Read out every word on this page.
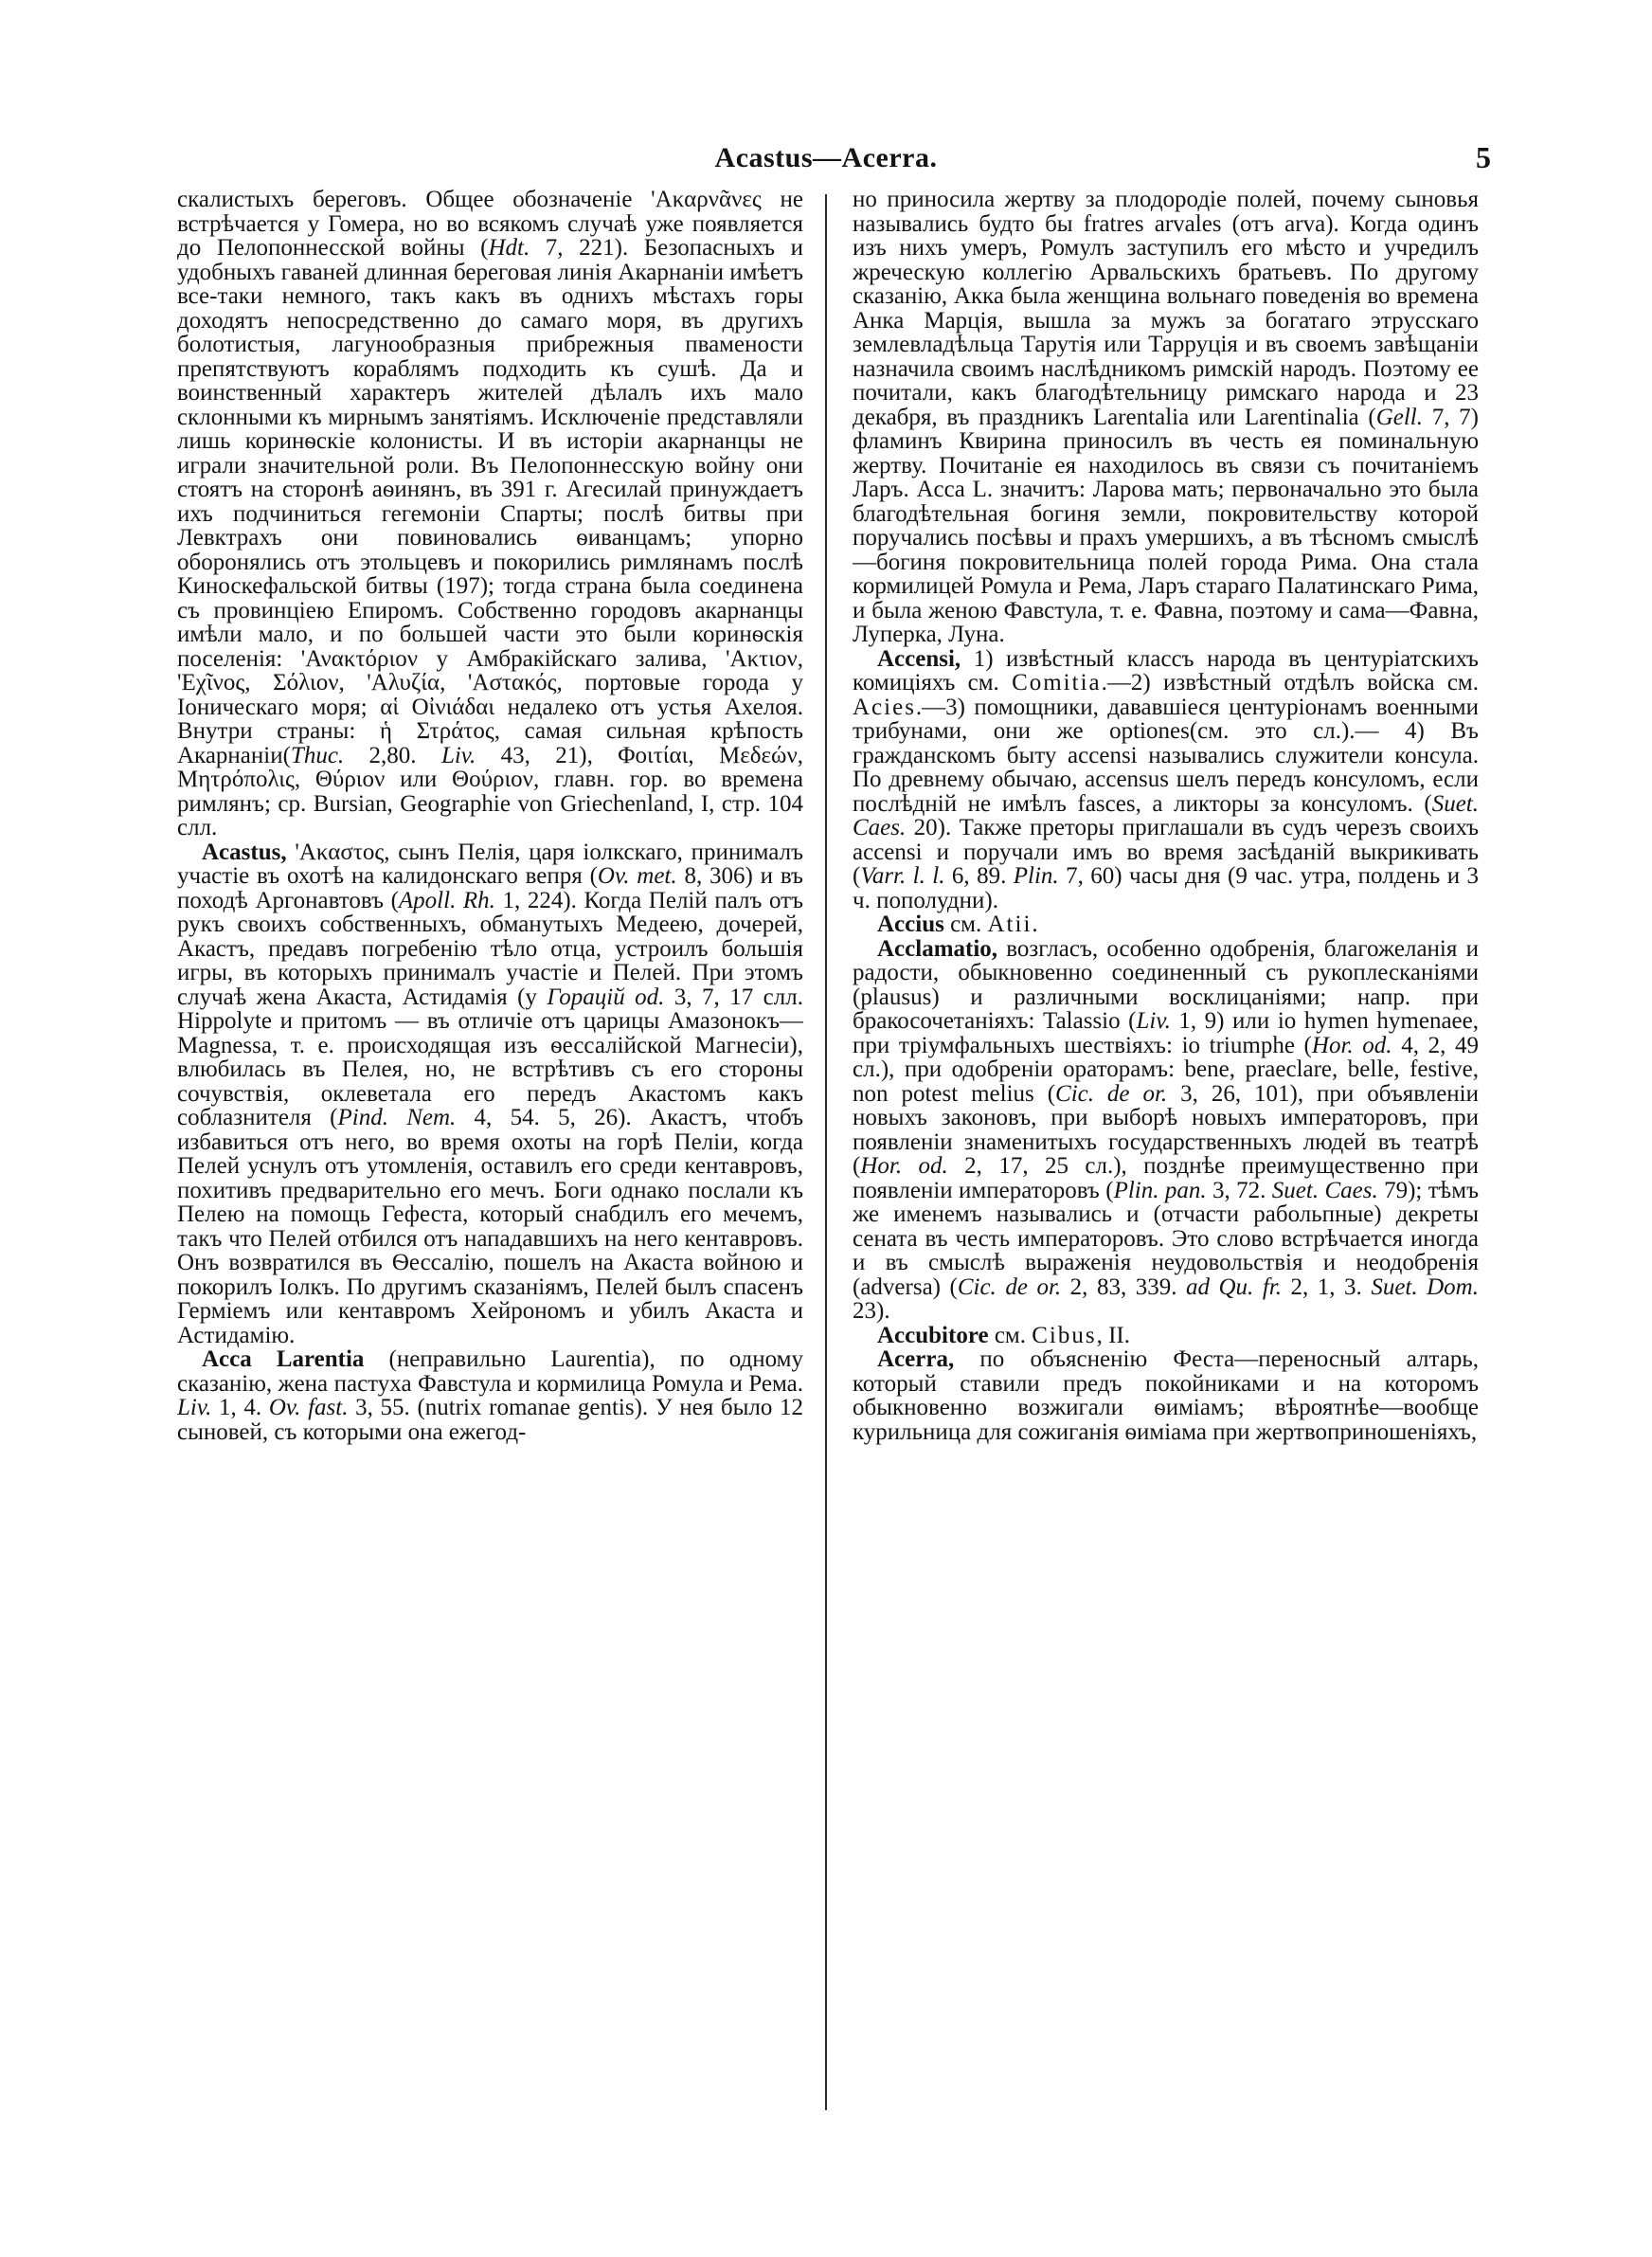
Acastus—Acerra.	5

скалистыхъ береговъ. Общее обозначеніе 'Ακαρνᾶνες не встрѣчается у Гомера, но во всякомъ случаѣ уже появляется до Пелопоннесской войны (Hdt. 7, 221). Безопасныхъ и удобныхъ гаваней длинная береговая линія Акарнаніи имѣетъ все-таки немного, такъ какъ въ однихъ мѣстахъ горы доходятъ непосредственно до самаго моря, въ другихъ болотистыя, лагунообразныя прибрежныя пвамености препятствуютъ кораблямъ подходить къ сушѣ. Да и воинственный характеръ жителей дѣлалъ ихъ мало склонными къ мирнымъ занятіямъ. Исключеніе представляли лишь коринѳскіе колонисты. И въ исторіи акарнанцы не играли значительной роли. Въ Пелопоннесскую войну они стоятъ на сторонѣ аѳинянъ, въ 391 г. Агесилай принуждаетъ ихъ подчиниться гегемоніи Спарты; послѣ битвы при Левктрахъ они повиновались ѳиванцамъ; упорно оборонялись отъ этольцевъ и покорились римлянамъ послѣ Киноскефальской битвы (197); тогда страна была соединена съ провинціею Епиромъ. Собственно городовъ акарнанцы имѣли мало, и по большей части это были коринѳскія поселенія: 'Ανακτόριον у Амбракійскаго залива, 'Ακτιον, 'Εχῖνος, Σόλιον, 'Αλυζία, 'Αστακός, портовые города у Іоническаго моря; αἱ Οἰνιάδαι недалеко отъ устья Ахелоя. Внутри страны: ἡ Στράτος, самая сильная крѣпость Акарнаніи(Thuc. 2,80. Liv. 43, 21), Φοιτίαι, Μεδεών, Μητρόπολις, Θύριον или Θούριον, главн. гор. во времена римлянъ; ср. Bursian, Geographie von Griechenland, I, стр. 104 слл.

Acastus, 'Ακαστος, сынъ Пелія, царя іолкскаго, принималъ участіе въ охотѣ на калидонскаго вепря (Ov. met. 8, 306) и въ походѣ Аргонавтовъ (Apoll. Rh. 1, 224). Когда Пелій палъ отъ рукъ своихъ собственныхъ, обманутыхъ Медеею, дочерей, Акастъ, предавъ погребенію тѣло отца, устроилъ большія игры, въ которыхъ принималъ участіе и Пелей. При этомъ случаѣ жена Акаста, Астидамія (у Горацій od. 3, 7, 17 слл. Hippolyte и притомъ — въ отличіе отъ царицы Амазонокъ—Magnessa, т. е. происходящая изъ ѳессалійской Магнесіи), влюбилась въ Пелея, но, не встрѣтивъ съ его стороны сочувствія, оклеветала его передъ Акастомъ какъ соблазнителя (Pind. Nem. 4, 54. 5, 26). Акастъ, чтобъ избавиться отъ него, во время охоты на горѣ Пеліи, когда Пелей уснулъ отъ утомленія, оставилъ его среди кентавровъ, похитивъ предварительно его мечъ. Боги однако послали къ Пелею на помощь Гефеста, который снабдилъ его мечемъ, такъ что Пелей отбился отъ нападавшихъ на него кентавровъ. Онъ возвратился въ Ѳессалію, пошелъ на Акаста войною и покорилъ Іолкъ. По другимъ сказаніямъ, Пелей былъ спасенъ Гермiемъ или кентавромъ Хейрономъ и убилъ Акаста и Астидамію.

Acca Larentia (неправильно Laurentia), по одному сказанію, жена пастуха Фавстула и кормилица Ромула и Рема. Liv. 1, 4. Ov. fast. 3, 55. (nutrix romanae gentis). У нея было 12 сыновей, съ которыми она ежегод-

но приносила жертву за плодородіе полей, почему сыновья назывались будто бы fratres arvales (отъ arva). Когда одинъ изъ нихъ умеръ, Ромулъ заступилъ его мѣсто и учредилъ жреческую коллегію Арвальскихъ братьевъ. По другому сказанію, Акка была женщина вольнаго поведенія во времена Анка Марція, вышла за мужъ за богатаго этрусскаго землевладѣльца Тарутія или Тарруція и въ своемъ завѣщаніи назначила своимъ наслѣдникомъ римскій народъ. Поэтому ее почитали, какъ благодѣтельницу римскаго народа и 23 декабря, въ праздникъ Larentalia или Larentinalia (Gell. 7, 7) фламинъ Квирина приносилъ въ честь ея поминальную жертву. Почитаніе ея находилось въ связи съ почитаніемъ Ларъ. Acca L. значитъ: Ларова мать; первоначально это была благодѣтельная богиня земли, покровительству которой поручались посѣвы и прахъ умершихъ, а въ тѣсномъ смыслѣ—богиня покровительница полей города Рима. Она стала кормилицей Ромула и Рема, Ларъ стараго Палатинскаго Рима, и была женою Фавстула, т. е. Фавна, поэтому и сама—Фавна, Луперка, Луна.

Accensi, 1) извѣстный классъ народа въ центуріатскихъ комиціяхъ см. Comitia.—2) извѣстный отдѣлъ войска см. Acies.—3) помощники, дававшіеся центуріонамъ военными трибунами, они же optiones(см. это сл.).— 4) Въ гражданскомъ быту accensi назывались служители консула. По древнему обычаю, accensus шелъ передъ консуломъ, если послѣдній не имѣлъ fasces, а ликторы за консуломъ. (Suet. Caes. 20). Также преторы приглашали въ судъ черезъ своихъ accensi и поручали имъ во время засѣданій выкрикивать (Varr. l. l. 6, 89. Plin. 7, 60) часы дня (9 час. утра, полдень и 3 ч. пополудни).

Accius см. Atii.

Acclamatio, возгласъ, особенно одобренія, благожеланія и радости, обыкновенно соединенный съ рукоплесканіями (plausus) и различными восклицаніями; напр. при бракосочетаніяхъ: Talassio (Liv. 1, 9) или io hymen hymenaee, при тріумфальныхъ шествіяхъ: io triumphe (Hor. od. 4, 2, 49 сл.), при одобреніи ораторамъ: bene, praeclare, belle, festive, non potest melius (Cic. de or. 3, 26, 101), при объявленіи новыхъ законовъ, при выборѣ новыхъ императоровъ, при появленіи знаменитыхъ государственныхъ людей въ театрѣ (Hor. od. 2, 17, 25 сл.), позднѣе преимущественно при появленіи императоровъ (Plin. pan. 3, 72. Suet. Caes. 79); тѣмъ же именемъ назывались и (отчасти рабольпные) декреты сената въ честь императоровъ. Это слово встрѣчается иногда и въ смыслѣ выраженія неудовольствія и неодобренія (adversa) (Cic. de or. 2, 83, 339. ad Qu. fr. 2, 1, 3. Suet. Dom. 23).

Accubitore см. Cibus, II.

Acerra, по объясненію Феста—переносный алтарь, который ставили предъ покойниками и на которомъ обыкновенно возжигали ѳиміамъ; вѣроятнѣе—вообще курильница для сожиганія ѳиміама при жертвоприношеніяхъ,
